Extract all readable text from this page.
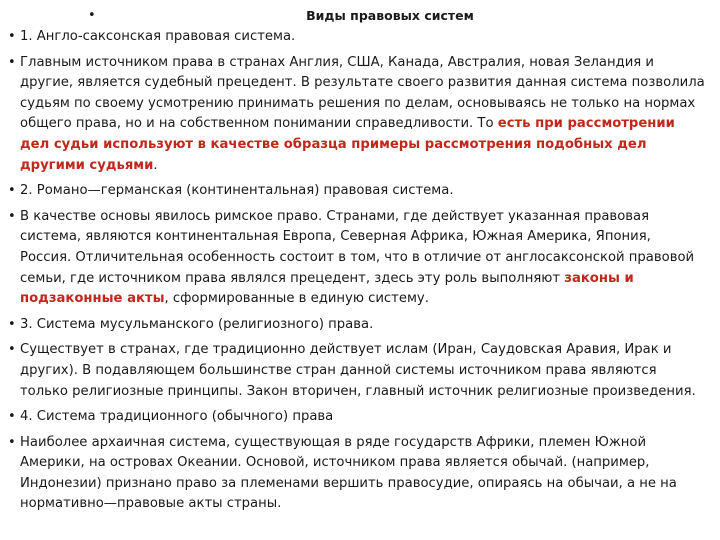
•	Виды правовых систем
• 1. Англо-саксонская правовая система.
• Главным источником права в странах Англия, США, Канада, Австралия, новая Зеландия и другие, является судебный прецедент. В результате своего развития данная система позволила судьям по своему усмотрению принимать решения по делам, основываясь не только на нормах общего права, но и на собственном понимании справедливости. То есть при рассмотрении дел судьи используют в качестве образца примеры рассмотрения подобных дел другими судьями.
• 2. Романо—германская (континентальная) правовая система.
• В качестве основы явилось римское право. Странами, где действует указанная правовая система, являются континентальная Европа, Северная Африка, Южная Америка, Япония, Россия. Отличительная особенность состоит в том, что в отличие от англосаксонской правовой семьи, где источником права являлся прецедент, здесь эту роль выполняют законы и подзаконные акты, сформированные в единую систему.
• 3. Система мусульманского (религиозного) права.
• Существует в странах, где традиционно действует ислам (Иран, Саудовская Аравия, Ирак и других). В подавляющем большинстве стран данной системы источником права являются только религиозные принципы. Закон вторичен, главный источник религиозные произведения.
• 4. Система традиционного (обычного) права
• Наиболее архаичная система, существующая в ряде государств Африки, племен Южной Америки, на островах Океании. Основой, источником права является обычай. (например, Индонезии) признано право за племенами вершить правосудие, опираясь на обычаи, а не на нормативно—правовые акты страны.
